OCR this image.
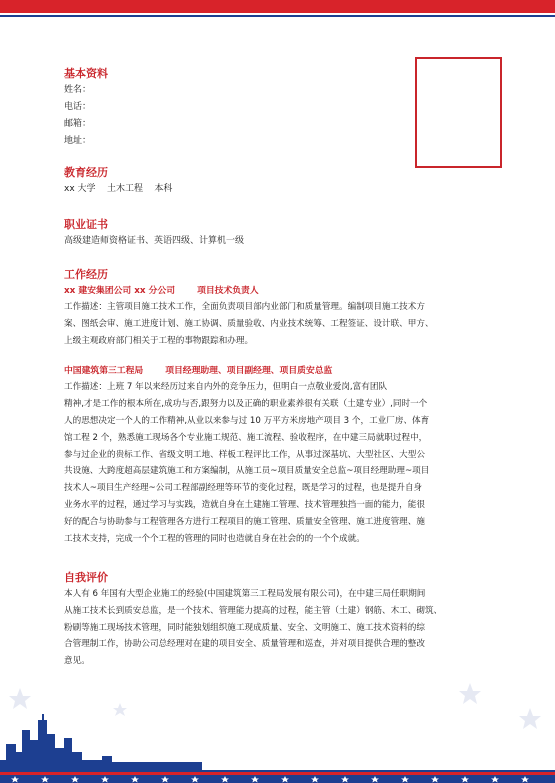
基本资料
姓名：
电话：
邮箱：
地址：
教育经历
xx 大学    土木工程    本科
职业证书
高级建造师资格证书、英语四级、计算机一级
工作经历
xx 建安集团公司 xx 分公司	项目技术负责人
工作描述：主管项目施工技术工作，全面负责项目部内业部门和质量管理。编制项目施工技术方
案、图纸会审、施工进度计划、施工协调、质量验收、内业技术统筹、工程签证、设计联、甲方、
上级主观政府部门相关于工程的事物跟踪和办理。
中国建筑第三工程局	项目经理助理、项目副经理、项目质安总监
工作描述：上班 7 年以来经历过来自内外的竞争压力，但明白一点敬业爱岗,富有团队
精神,才是工作的根本所在,成功与否,跟努力以及正确的职业素养很有关联（土建专业）,同时一个
人的思想决定一个人的工作精神,从业以来参与过 10 万平方米房地产项目 3 个，工业厂房、体育
馆工程 2 个，熟悉施工现场各个专业施工规范、施工流程、验收程序，在中建三局就职过程中，
参与过企业的贵标工作、省级文明工地、样板工程评比工作，从事过深基坑、大型社区、大型公
共设施、大跨度超高层建筑施工和方案编制，从施工员~项目质量安全总监~项目经理助理~项目
技术人~项目生产经理~公司工程部副经理等环节的变化过程，既是学习的过程，也是提升自身
业务水平的过程，通过学习与实践，造就自身在土建施工管理、技术管理独挡一面的能力，能很
好的配合与协助参与工程管理各方进行工程项目的施工管理、质量安全管理、施工进度管理、施
工技术支持，完成一个个工程的管理的同时也造就自身在社会的的一个个成就。
自我评价
本人有 6 年国有大型企业施工的经验(中国建筑第三工程局发展有限公司)，在中建三局任职期间
从施工技术长到质安总监，是一个技术、管理能力提高的过程，能主管（土建）钢筋、木工、砌筑、
粉刷等施工现场技术管理，同时能独划组织施工现成质量、安全、文明施工、施工技术资料的综
合管理制工作，协助公司总经理对在建的项目安全、质量管理和巡查，并对项目提供合理的整改
意见。
